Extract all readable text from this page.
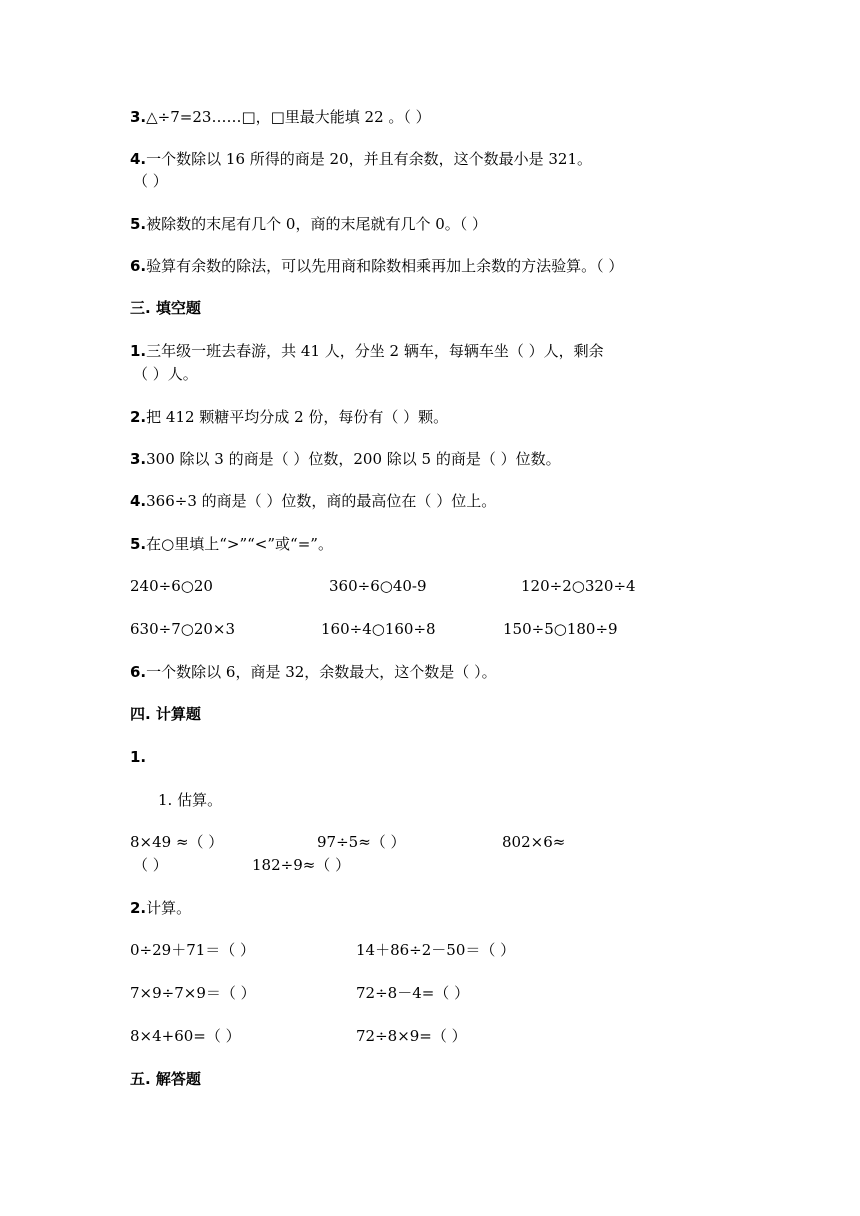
3.△÷7=23……□，□里最大能填 22 。（ ）
4.一个数除以 16 所得的商是 20，并且有余数，这个数最小是 321。
（ ）
5.被除数的末尾有几个 0，商的末尾就有几个 0。（ ）
6.验算有余数的除法，可以先用商和除数相乘再加上余数的方法验算。（ ）
三. 填空题
1.三年级一班去春游，共 41 人，分坐 2 辆车，每辆车坐（ ）人，剩余
（ ）人。
2.把 412 颗糖平均分成 2 份，每份有（ ）颗。
3.300 除以 3 的商是（ ）位数，200 除以 5 的商是（ ）位数。
4.366÷3 的商是（ ）位数，商的最高位在（ ）位上。
5.在○里填上“>”“<”或“=”。
240÷6○20	360÷6○40-9	120÷2○320÷4
630÷7○20×3	160÷4○160÷8	150÷5○180÷9
6.一个数除以 6，商是 32，余数最大，这个数是（ ）。
四. 计算题
1.
1. 估算。
8×49 ≈（ ）	97÷5≈（ ）	802×6≈
（ ）	182÷9≈（ ）
2.计算。
0÷29＋71＝（ ）	14＋86÷2－50＝（ ）
7×9÷7×9＝（ ）	72÷8－4=（ ）
8×4+60=（ ）	72÷8×9=（ ）
五. 解答题
